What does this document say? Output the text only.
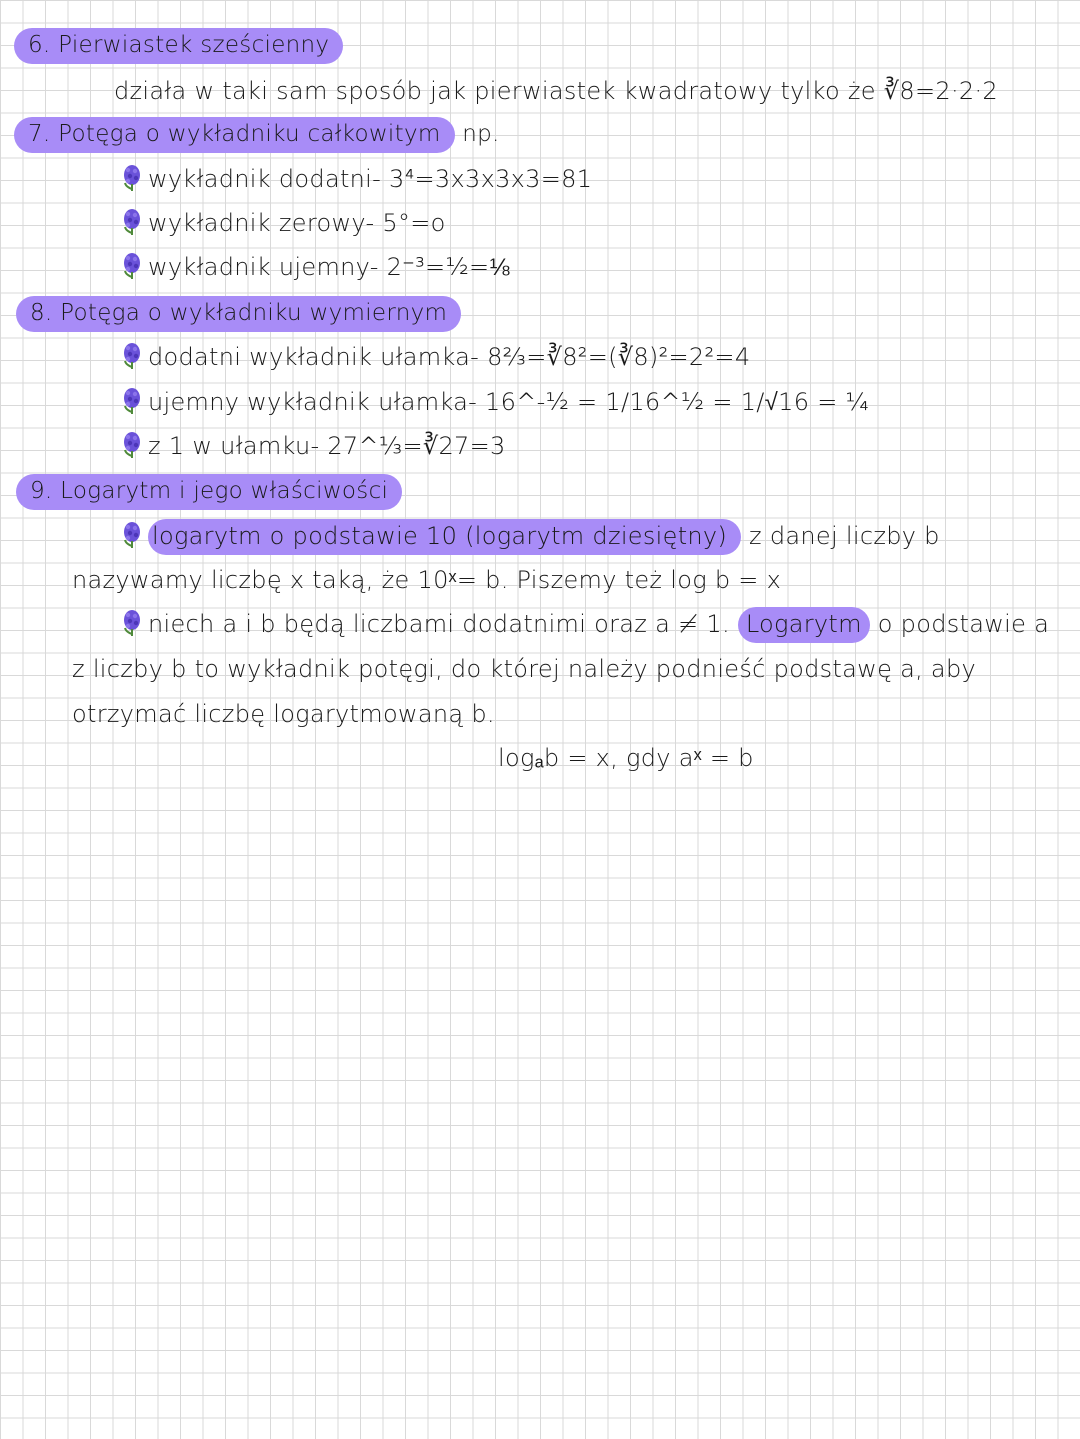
6. Pierwiastek sześcienny
działa w taki sam sposób jak pierwiastek kwadratowy tylko że ∛8=2·2·2
7. Potęga o wykładniku całkowitym np.
wykładnik dodatni- 3⁴=3x3x3x3=81
wykładnik zerowy- 5°=o
wykładnik ujemny- 2⁻³=½=⅛
8. Potęga o wykładniku wymiernym
dodatni wykładnik ułamka- 8⅔=∛8²=(∛8)²=2²=4
ujemny wykładnik ułamka- 16^-½ = 1/16^½ = 1/√16 = ¼
z 1 w ułamku- 27^⅓=∛27=3
9. Logarytm i jego właściwości
logarytm o podstawie 10 (logarytm dziesiętny) z danej liczby b
nazywamy liczbę x taką, że 10ˣ= b. Piszemy też log b = x
niech a i b będą liczbami dodatnimi oraz a ≠ 1. Logarytm o podstawie a
z liczby b to wykładnik potęgi, do której należy podnieść podstawę a, aby
otrzymać liczbę logarytmowaną b.
logₐb = x, gdy aˣ = b
